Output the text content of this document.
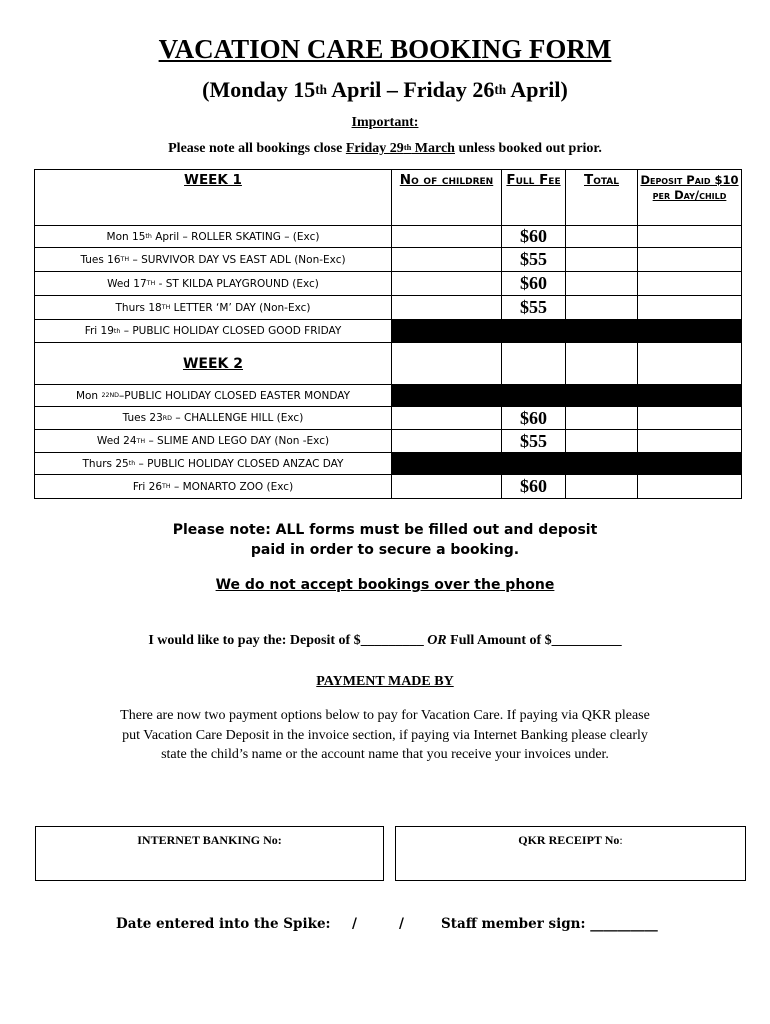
VACATION CARE BOOKING FORM
(Monday 15th April – Friday 26th April)
Important:
Please note all bookings close Friday 29th March unless booked out prior.
WEEK 1	No of children	Full Fee	Total	Deposit Paid $10 per Day/child
Mon 15th April – ROLLER SKATING – (Exc)		$60		
Tues 16TH – SURVIVOR DAY VS EAST ADL (Non-Exc)		$55		
Wed 17TH - ST KILDA PLAYGROUND (Exc)		$60		
Thurs 18TH LETTER ‘M’ DAY (Non-Exc)		$55		
Fri 19th – PUBLIC HOLIDAY CLOSED GOOD FRIDAY				
WEEK 2				
Mon $^{22ND}$–PUBLIC HOLIDAY CLOSED EASTER MONDAY				
Tues 23RD – CHALLENGE HILL (Exc)		$60		
Wed 24TH – SLIME AND LEGO DAY (Non -Exc)		$55		
Thurs 25th – PUBLIC HOLIDAY CLOSED ANZAC DAY				
Fri 26TH – MONARTO ZOO (Exc)		$60		
Please note: ALL forms must be filled out and deposit
paid in order to secure a booking.
We do not accept bookings over the phone
I would like to pay the: Deposit of $_________ OR Full Amount of $__________
PAYMENT MADE BY
There are now two payment options below to pay for Vacation Care. If paying via QKR please put Vacation Care Deposit in the invoice section, if paying via Internet Banking please clearly state the child’s name or the account name that you receive your invoices under.
INTERNET BANKING No:	QKR RECEIPT No:
Date entered into the Spike: /	/	Staff member sign: __________
